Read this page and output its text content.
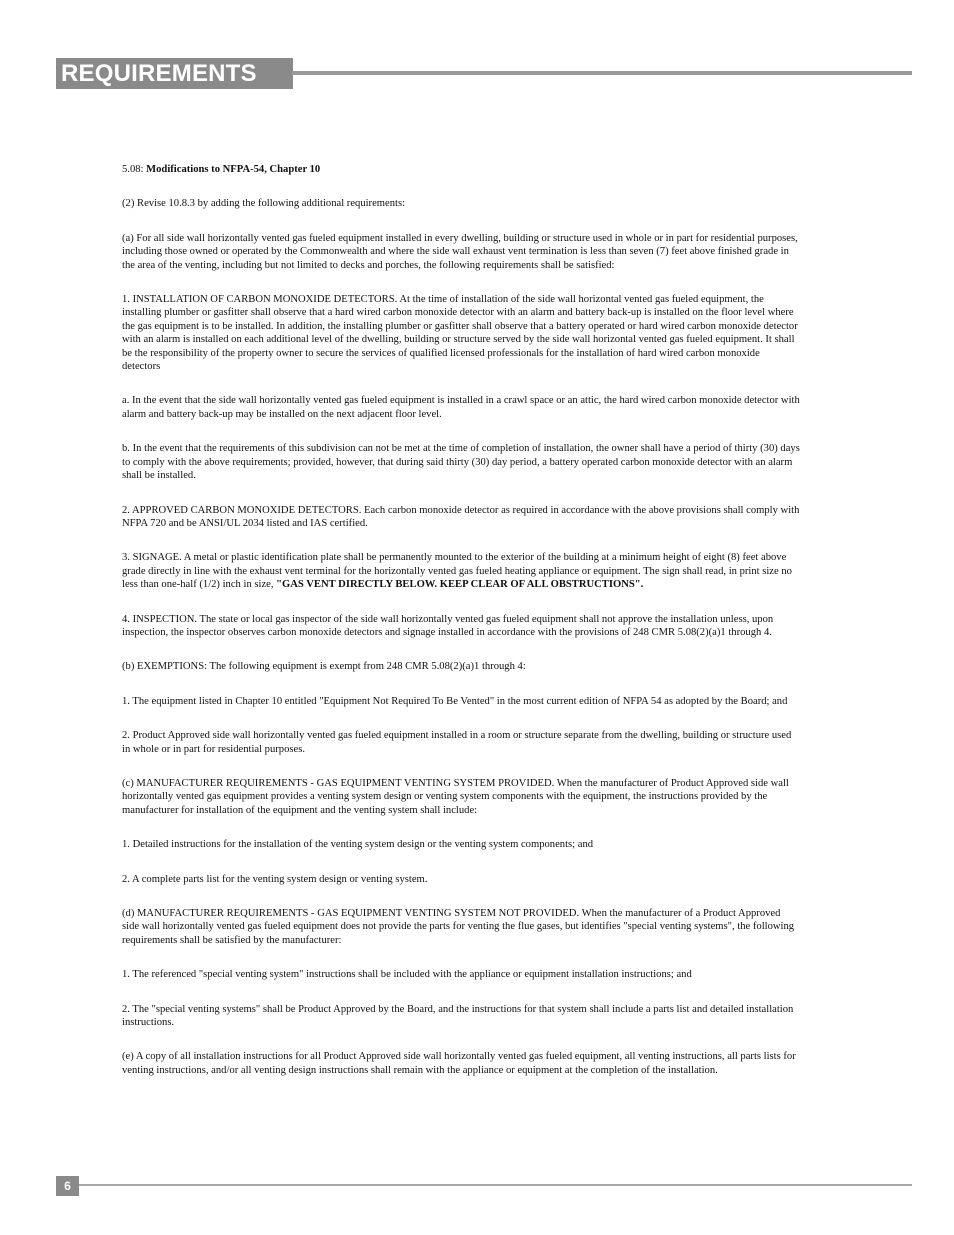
REQUIREMENTS

5.08: Modifications to NFPA-54, Chapter 10

(2) Revise 10.8.3 by adding the following additional requirements:

(a) For all side wall horizontally vented gas fueled equipment installed in every dwelling, building or structure used in whole or in part for residential purposes, including those owned or operated by the Commonwealth and where the side wall exhaust vent termination is less than seven (7) feet above finished grade in the area of the venting, including but not limited to decks and porches, the following requirements shall be satisfied:

1. INSTALLATION OF CARBON MONOXIDE DETECTORS. At the time of installation of the side wall horizontal vented gas fueled equipment, the installing plumber or gasfitter shall observe that a hard wired carbon monoxide detector with an alarm and battery back-up is installed on the floor level where the gas equipment is to be installed. In addition, the installing plumber or gasfitter shall observe that a battery operated or hard wired carbon monoxide detector with an alarm is installed on each additional level of the dwelling, building or structure served by the side wall horizontal vented gas fueled equipment. It shall be the responsibility of the property owner to secure the services of qualified licensed professionals for the installation of hard wired carbon monoxide detectors

a. In the event that the side wall horizontally vented gas fueled equipment is installed in a crawl space or an attic, the hard wired carbon monoxide detector with alarm and battery back-up may be installed on the next adjacent floor level.

b. In the event that the requirements of this subdivision can not be met at the time of completion of installation, the owner shall have a period of thirty (30) days to comply with the above requirements; provided, however, that during said thirty (30) day period, a battery operated carbon monoxide detector with an alarm shall be installed.

2. APPROVED CARBON MONOXIDE DETECTORS. Each carbon monoxide detector as required in accordance with the above provisions shall comply with NFPA 720 and be ANSI/UL 2034 listed and IAS certified.

3. SIGNAGE. A metal or plastic identification plate shall be permanently mounted to the exterior of the building at a minimum height of eight (8) feet above grade directly in line with the exhaust vent terminal for the horizontally vented gas fueled heating appliance or equipment. The sign shall read, in print size no less than one-half (1/2) inch in size, "GAS VENT DIRECTLY BELOW. KEEP CLEAR OF ALL OBSTRUCTIONS".

4. INSPECTION. The state or local gas inspector of the side wall horizontally vented gas fueled equipment shall not approve the installation unless, upon inspection, the inspector observes carbon monoxide detectors and signage installed in accordance with the provisions of 248 CMR 5.08(2)(a)1 through 4.

(b) EXEMPTIONS: The following equipment is exempt from 248 CMR 5.08(2)(a)1 through 4:

1. The equipment listed in Chapter 10 entitled "Equipment Not Required To Be Vented" in the most current edition of NFPA 54 as adopted by the Board; and

2. Product Approved side wall horizontally vented gas fueled equipment installed in a room or structure separate from the dwelling, building or structure used in whole or in part for residential purposes.

(c) MANUFACTURER REQUIREMENTS - GAS EQUIPMENT VENTING SYSTEM PROVIDED. When the manufacturer of Product Approved side wall horizontally vented gas equipment provides a venting system design or venting system components with the equipment, the instructions provided by the manufacturer for installation of the equipment and the venting system shall include:

1. Detailed instructions for the installation of the venting system design or the venting system components; and

2. A complete parts list for the venting system design or venting system.

(d) MANUFACTURER REQUIREMENTS - GAS EQUIPMENT VENTING SYSTEM NOT PROVIDED. When the manufacturer of a Product Approved side wall horizontally vented gas fueled equipment does not provide the parts for venting the flue gases, but identifies "special venting systems", the following requirements shall be satisfied by the manufacturer:

1. The referenced "special venting system" instructions shall be included with the appliance or equipment installation instructions; and

2. The "special venting systems" shall be Product Approved by the Board, and the instructions for that system shall include a parts list and detailed installation instructions.

(e) A copy of all installation instructions for all Product Approved side wall horizontally vented gas fueled equipment, all venting instructions, all parts lists for venting instructions, and/or all venting design instructions shall remain with the appliance or equipment at the completion of the installation.

6
